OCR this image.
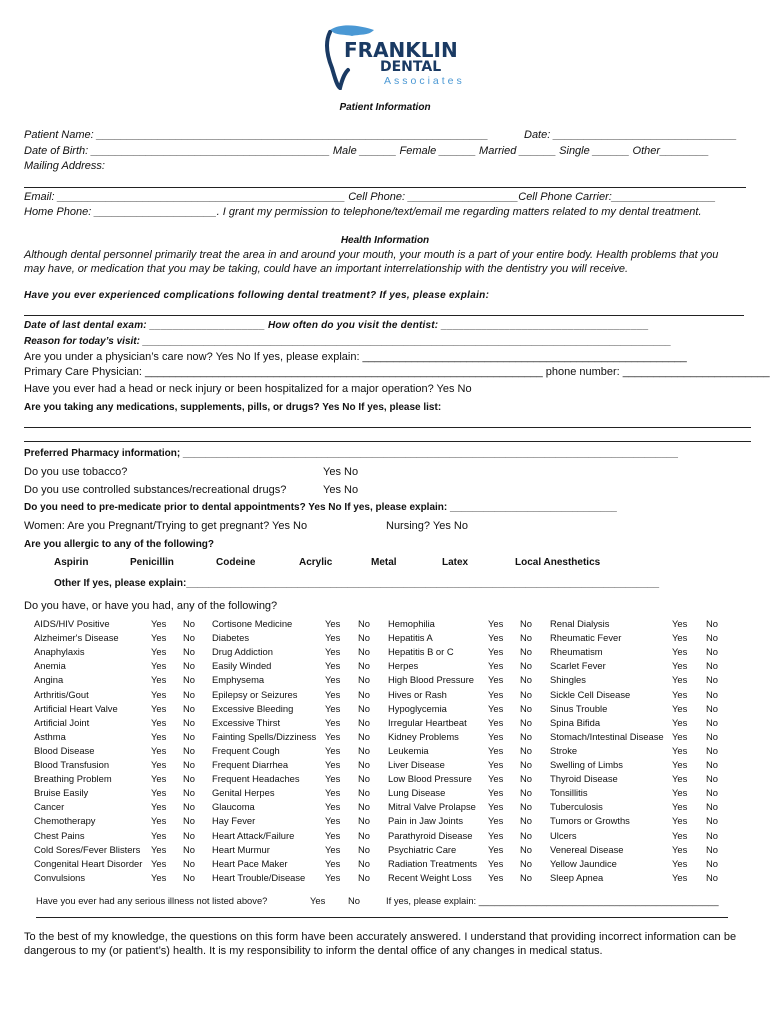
FRANKLIN
DENTAL
Associates
Patient Information
Patient Name: ________________________________________________________________	Date: ______________________________
Date of Birth: _______________________________________ Male ______ Female ______ Married ______ Single ______ Other________
Mailing Address:
Email: _______________________________________________ Cell Phone: __________________Cell Phone Carrier:_________________
Home Phone: ____________________. I grant my permission to telephone/text/email me regarding matters related to my dental treatment.
Health Information
Although dental personnel primarily treat the area in and around your mouth, your mouth is a part of your entire body. Health problems that you
may have, or medication that you may be taking, could have an important interrelationship with the dentistry you will receive.
Have you ever experienced complications following dental treatment? If yes, please explain:
Date of last dental exam: ____________________ How often do you visit the dentist: ____________________________________
Reason for today’s visit: _______________________________________________________________________________________________
Are you under a physician’s care now? Yes No If yes, please explain: _____________________________________________________
Primary Care Physician: _________________________________________________________________ phone number: ________________________
Have you ever had a head or neck injury or been hospitalized for a major operation? Yes No
Are you taking any medications, supplements, pills, or drugs? Yes No If yes, please list:
Preferred Pharmacy information; _________________________________________________________________________________________
Do you use tobacco?	Yes No
Do you use controlled substances/recreational drugs?	Yes No
Do you need to pre-medicate prior to dental appointments? Yes No If yes, please explain: ______________________________
Women: Are you Pregnant/Trying to get pregnant? Yes No	Nursing? Yes No
Are you allergic to any of the following?
Aspirin	Penicillin	Codeine	Acrylic	Metal	Latex	Local Anesthetics
Other If yes, please explain:_____________________________________________________________________________________
Do you have, or have you had, any of the following?
AIDS/HIV Positive	Yes No Cortisone Medicine	Yes No Hemophilia	Yes No Renal Dialysis	Yes No
Alzheimer's Disease	Yes No Diabetes	Yes No Hepatitis A	Yes No Rheumatic Fever	Yes No
Anaphylaxis	Yes No Drug Addiction	Yes No Hepatitis B or C	Yes No Rheumatism	Yes No
Anemia	Yes No Easily Winded	Yes No Herpes	Yes No Scarlet Fever	Yes No
Angina	Yes No Emphysema	Yes No High Blood Pressure Yes No Shingles	Yes No
Arthritis/Gout	Yes No Epilepsy or Seizures	Yes No Hives or Rash	Yes No Sickle Cell Disease	Yes No
Artificial Heart Valve	Yes No Excessive Bleeding	Yes No Hypoglycemia	Yes No Sinus Trouble	Yes No
Artificial Joint	Yes No Excessive Thirst	Yes No Irregular Heartbeat Yes No Spina Bifida	Yes No
Asthma	Yes No Fainting Spells/Dizziness Yes No Kidney Problems	Yes No Stomach/Intestinal Disease Yes No
Blood Disease	Yes No Frequent Cough	Yes No Leukemia	Yes No Stroke	Yes No
Blood Transfusion	Yes No Frequent Diarrhea	Yes No Liver Disease	Yes No Swelling of Limbs	Yes No
Breathing Problem	Yes No Frequent Headaches	Yes No Low Blood Pressure Yes No Thyroid Disease	Yes No
Bruise Easily	Yes No Genital Herpes	Yes No Lung Disease	Yes No Tonsillitis	Yes No
Cancer	Yes No Glaucoma	Yes No Mitral Valve Prolapse Yes No Tuberculosis	Yes No
Chemotherapy	Yes No Hay Fever	Yes No Pain in Jaw Joints	Yes No Tumors or Growths	Yes No
Chest Pains	Yes No Heart Attack/Failure	Yes No Parathyroid Disease Yes No Ulcers	Yes No
Cold Sores/Fever Blisters Yes No Heart Murmur	Yes No Psychiatric Care	Yes No Venereal Disease	Yes No
Congenital Heart Disorder Yes No Heart Pace Maker	Yes No Radiation Treatments Yes No Yellow Jaundice	Yes No
Convulsions	Yes No Heart Trouble/Disease Yes No Recent Weight Loss Yes No Sleep Apnea	Yes No
Have you ever had any serious illness not listed above?	Yes No	If yes, please explain: ______________________________________________
To the best of my knowledge, the questions on this form have been accurately answered. I understand that providing incorrect information can be
dangerous to my (or patient’s) health. It is my responsibility to inform the dental office of any changes in medical status.
